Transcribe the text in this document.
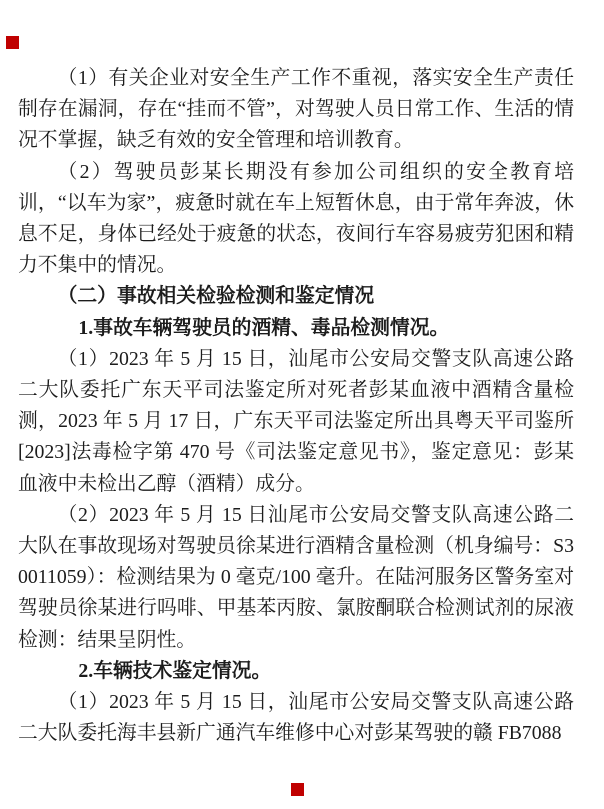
（1）有关企业对安全生产工作不重视，落实安全生产责任制存在漏洞，存在“挂而不管”，对驾驶人员日常工作、生活的情况不掌握，缺乏有效的安全管理和培训教育。

（2）驾驶员彭某长期没有参加公司组织的安全教育培训，“以车为家”，疲惫时就在车上短暂休息，由于常年奔波，休息不足，身体已经处于疲惫的状态，夜间行车容易疲劳犯困和精力不集中的情况。

（二）事故相关检验检测和鉴定情况

1.事故车辆驾驶员的酒精、毒品检测情况。

（1）2023 年 5 月 15 日，汕尾市公安局交警支队高速公路二大队委托广东天平司法鉴定所对死者彭某血液中酒精含量检测，2023 年 5 月 17 日，广东天平司法鉴定所出具粤天平司鉴所[2023]法毒检字第 470 号《司法鉴定意见书》，鉴定意见：彭某血液中未检出乙醇（酒精）成分。

（2）2023 年 5 月 15 日汕尾市公安局交警支队高速公路二大队在事故现场对驾驶员徐某进行酒精含量检测（机身编号：S30011059）：检测结果为 0 毫克/100 毫升。在陆河服务区警务室对驾驶员徐某进行吗啡、甲基苯丙胺、氯胺酮联合检测试剂的尿液检测：结果呈阴性。

2.车辆技术鉴定情况。

（1）2023 年 5 月 15 日，汕尾市公安局交警支队高速公路二大队委托海丰县新广通汽车维修中心对彭某驾驶的赣 FB7088
